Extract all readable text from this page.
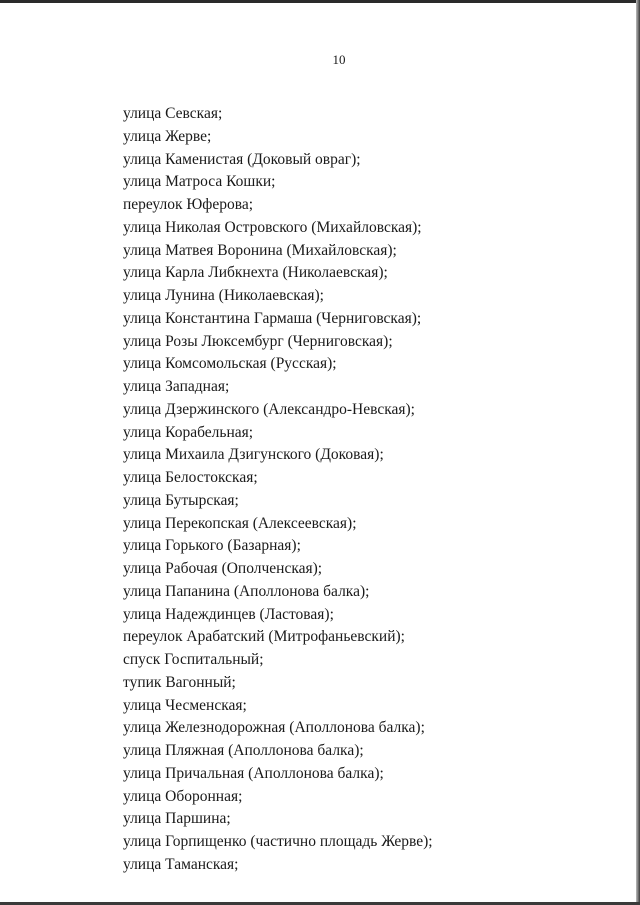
10
улица Севская;
улица Жерве;
улица Каменистая (Доковый овраг);
улица Матроса Кошки;
переулок Юферова;
улица Николая Островского (Михайловская);
улица Матвея Воронина (Михайловская);
улица Карла Либкнехта (Николаевская);
улица Лунина (Николаевская);
улица Константина Гармаша (Черниговская);
улица Розы Люксембург (Черниговская);
улица Комсомольская (Русская);
улица Западная;
улица Дзержинского (Александро-Невская);
улица Корабельная;
улица Михаила Дзигунского (Доковая);
улица Белостокская;
улица Бутырская;
улица Перекопская (Алексеевская);
улица Горького (Базарная);
улица Рабочая (Ополченская);
улица Папанина (Аполлонова балка);
улица Надеждинцев (Ластовая);
переулок Арабатский (Митрофаньевский);
спуск Госпитальный;
тупик Вагонный;
улица Чесменская;
улица Железнодорожная (Аполлонова балка);
улица Пляжная (Аполлонова балка);
улица Причальная (Аполлонова балка);
улица Оборонная;
улица Паршина;
улица Горпищенко (частично площадь Жерве);
улица Таманская;
